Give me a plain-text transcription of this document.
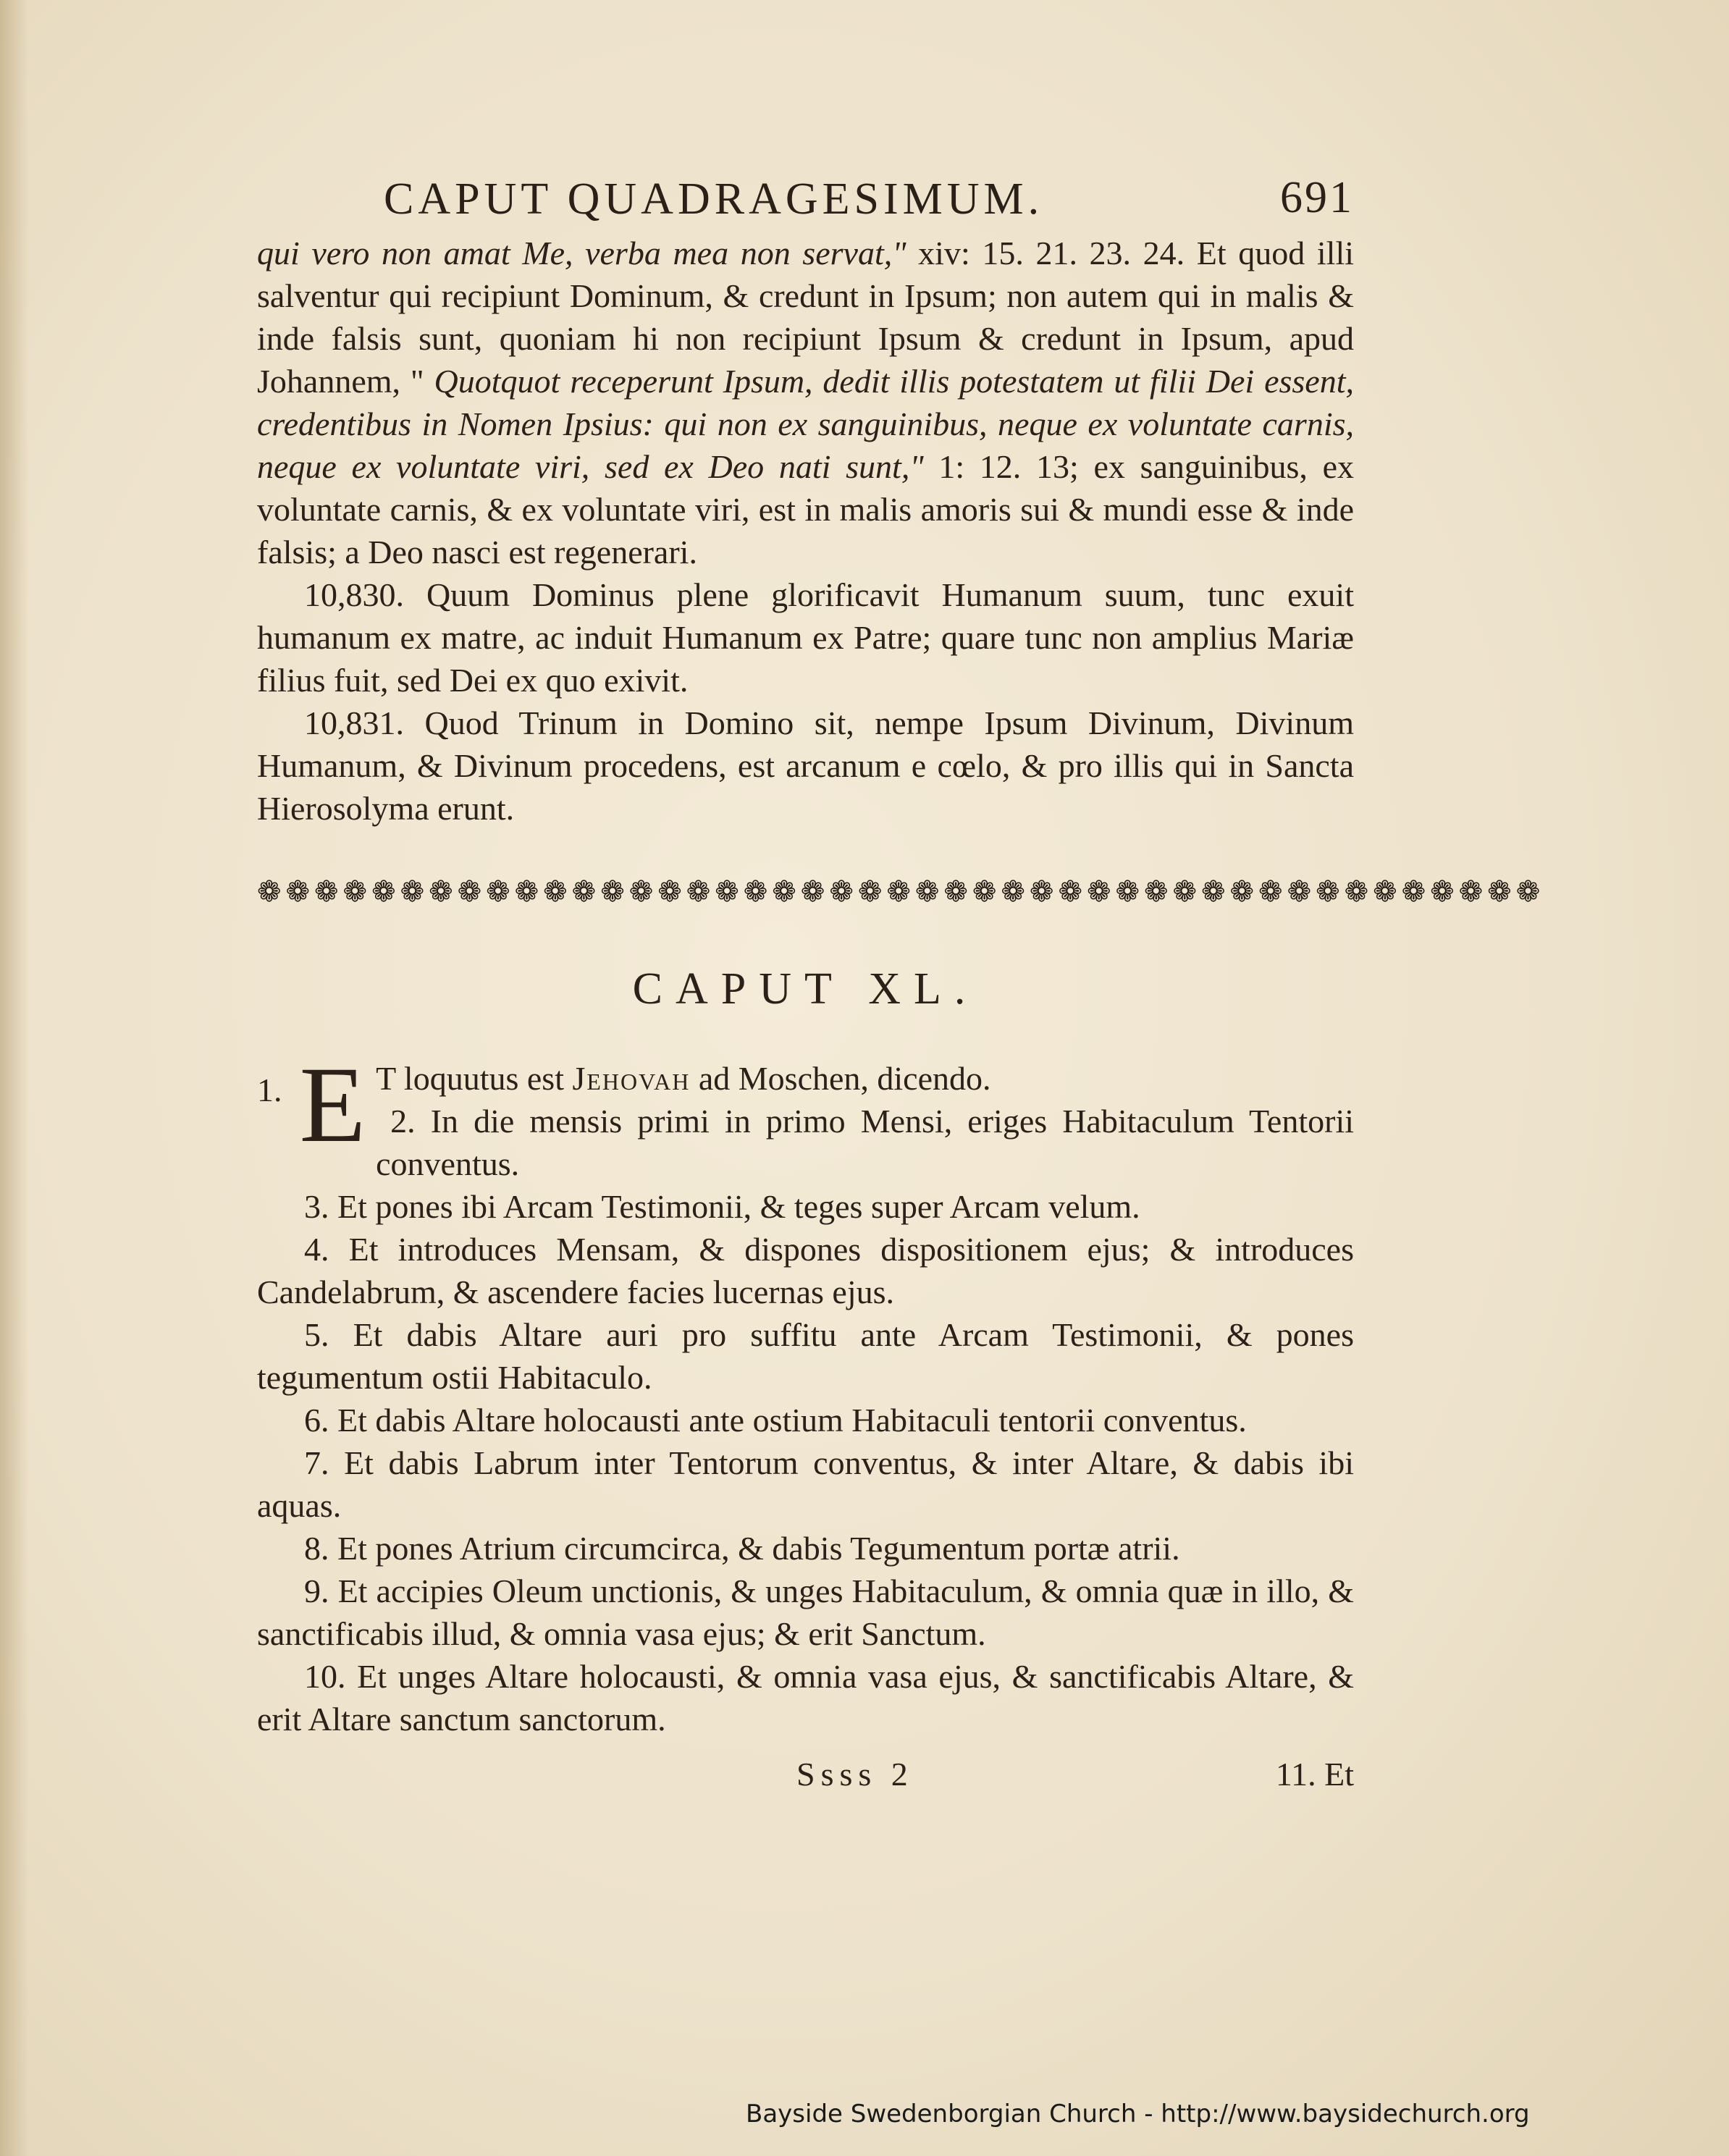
CAPUT QUADRAGESIMUM.	691

qui vero non amat Me, verba mea non servat," xiv: 15. 21. 23. 24. Et quod illi salventur qui recipiunt Dominum, & credunt in Ipsum; non autem qui in malis & inde falsis sunt, quoniam hi non recipiunt Ipsum & credunt in Ipsum, apud Johannem, " Quotquot receperunt Ipsum, dedit illis potestatem ut filii Dei essent, credentibus in Nomen Ipsius: qui non ex sanguinibus, neque ex voluntate carnis, neque ex voluntate viri, sed ex Deo nati sunt," 1: 12. 13; ex sanguinibus, ex voluntate carnis, & ex voluntate viri, est in malis amoris sui & mundi esse & inde falsis; a Deo nasci est regenerari.

10,830. Quum Dominus plene glorificavit Humanum suum, tunc exuit humanum ex matre, ac induit Humanum ex Patre; quare tunc non amplius Mariæ filius fuit, sed Dei ex quo exivit.

10,831. Quod Trinum in Domino sit, nempe Ipsum Divinum, Divinum Humanum, & Divinum procedens, est arcanum e cœlo, & pro illis qui in Sancta Hierosolyma erunt.

❁❁❁❁❁❁❁❁❁❁❁❁❁❁❁❁❁❁❁❁❁❁❁❁❁❁❁❁❁❁❁❁❁❁❁❁❁❁❁❁❁❁❁❁❁
CAPUT XL.

1. E T loquutus est Jehovah ad Moschen, dicendo.
2. In die mensis primi in primo Mensi, eriges Habitaculum Tentorii conventus.

3. Et pones ibi Arcam Testimonii, & teges super Arcam velum.

4. Et introduces Mensam, & dispones dispositionem ejus; & introduces Candelabrum, & ascendere facies lucernas ejus.

5. Et dabis Altare auri pro suffitu ante Arcam Testimonii, & pones tegumentum ostii Habitaculo.

6. Et dabis Altare holocausti ante ostium Habitaculi tentorii conventus.

7. Et dabis Labrum inter Tentorum conventus, & inter Altare, & dabis ibi aquas.

8. Et pones Atrium circumcirca, & dabis Tegumentum portæ atrii.

9. Et accipies Oleum unctionis, & unges Habitaculum, & omnia quæ in illo, & sanctificabis illud, & omnia vasa ejus; & erit Sanctum.

10. Et unges Altare holocausti, & omnia vasa ejus, & sanctificabis Altare, & erit Altare sanctum sanctorum.

Ssss 2	11. Et
Bayside Swedenborgian Church - http://www.baysidechurch.org
